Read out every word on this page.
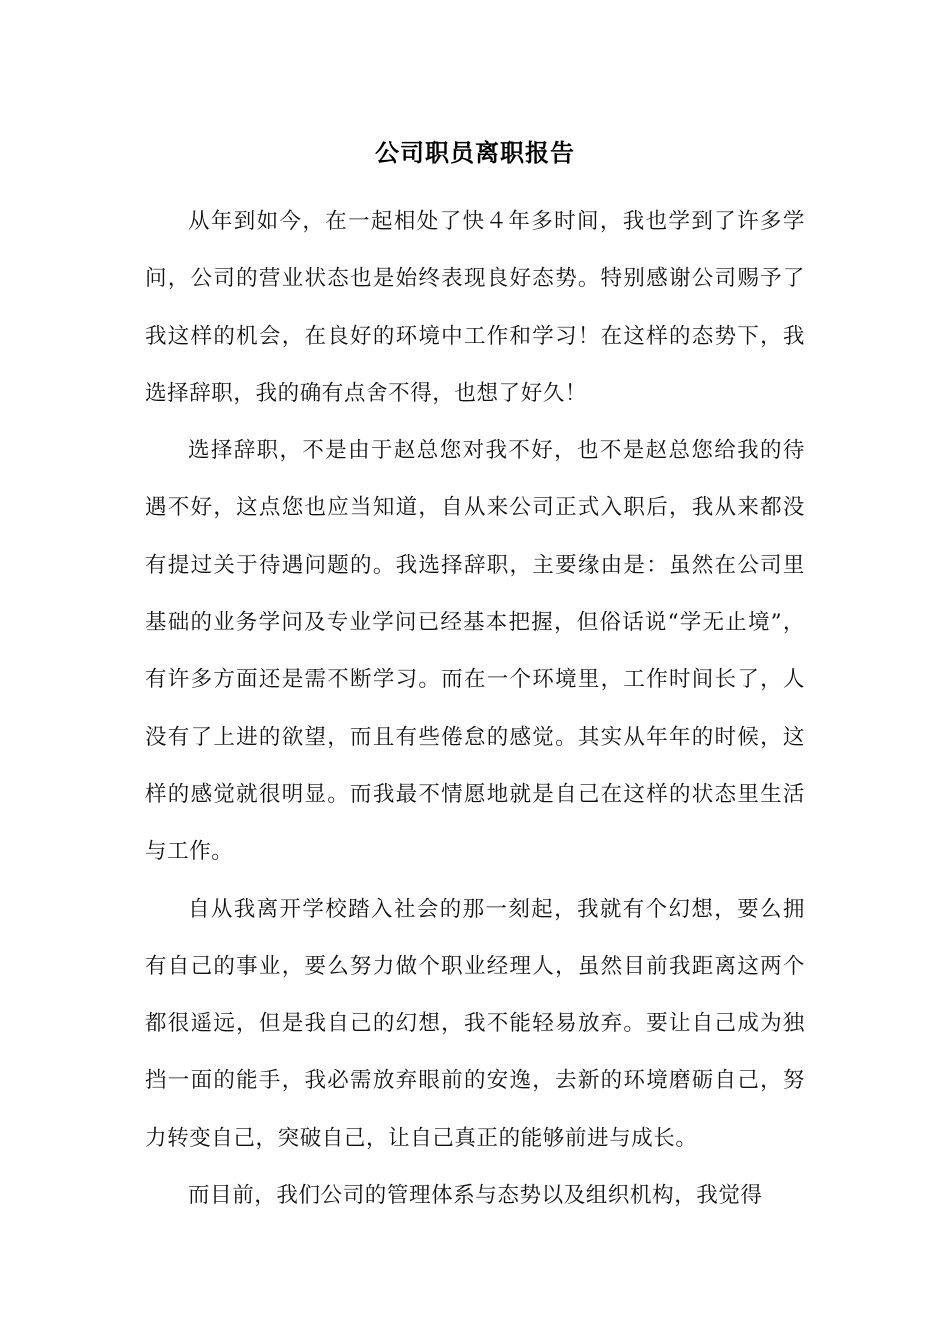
公司职员离职报告

从年到如今，在一起相处了快４年多时间，我也学到了许多学问，公司的营业状态也是始终表现良好态势。特别感谢公司赐予了我这样的机会，在良好的环境中工作和学习！在这样的态势下，我选择辞职，我的确有点舍不得，也想了好久！

选择辞职，不是由于赵总您对我不好，也不是赵总您给我的待遇不好，这点您也应当知道，自从来公司正式入职后，我从来都没有提过关于待遇问题的。我选择辞职，主要缘由是：虽然在公司里基础的业务学问及专业学问已经基本把握，但俗话说“学无止境”，有许多方面还是需不断学习。而在一个环境里，工作时间长了，人没有了上进的欲望，而且有些倦怠的感觉。其实从年年的时候，这样的感觉就很明显。而我最不情愿地就是自己在这样的状态里生活与工作。

自从我离开学校踏入社会的那一刻起，我就有个幻想，要么拥有自己的事业，要么努力做个职业经理人，虽然目前我距离这两个都很遥远，但是我自己的幻想，我不能轻易放弃。要让自己成为独挡一面的能手，我必需放弃眼前的安逸，去新的环境磨砺自己，努力转变自己，突破自己，让自己真正的能够前进与成长。

而目前，我们公司的管理体系与态势以及组织机构，我觉得
